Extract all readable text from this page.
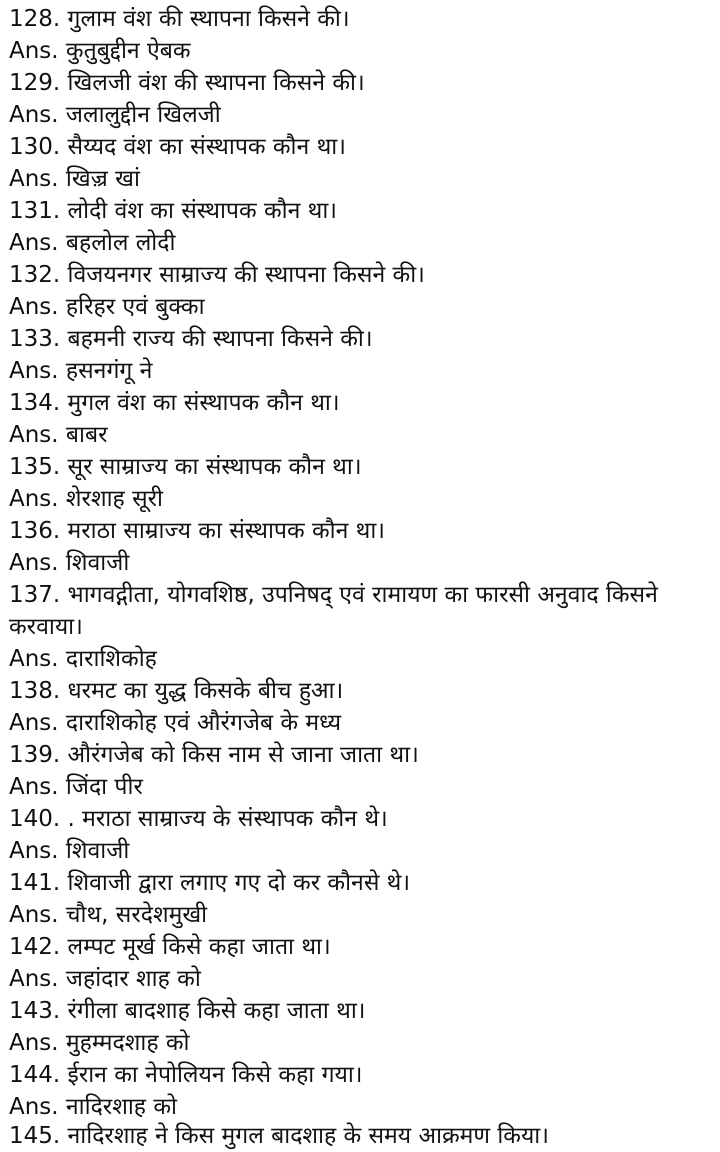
128. गुलाम वंश की स्थापना किसने की।
Ans. कुतुबुद्दीन ऐबक
129. खिलजी वंश की स्थापना किसने की।
Ans. जलालुद्दीन खिलजी
130. सैय्यद वंश का संस्थापक कौन था।
Ans. खिज़्र खां
131. लोदी वंश का संस्थापक कौन था।
Ans. बहलोल लोदी
132. विजयनगर साम्राज्य की स्थापना किसने की।
Ans. हरिहर एवं बुक्का
133. बहमनी राज्य की स्थापना किसने की।
Ans. हसनगंगू ने
134. मुगल वंश का संस्थापक कौन था।
Ans. बाबर
135. सूर साम्राज्य का संस्थापक कौन था।
Ans. शेरशाह सूरी
136. मराठा साम्राज्य का संस्थापक कौन था।
Ans. शिवाजी
137. भागवद्गीता, योगवशिष्ठ, उपनिषद् एवं रामायण का फारसी अनुवाद किसने करवाया।
Ans. दाराशिकोह
138. धरमट का युद्ध किसके बीच हुआ।
Ans. दाराशिकोह एवं औरंगजेब के मध्य
139. औरंगजेब को किस नाम से जाना जाता था।
Ans. जिंदा पीर
140. . मराठा साम्राज्य के संस्थापक कौन थे।
Ans. शिवाजी
141. शिवाजी द्वारा लगाए गए दो कर कौनसे थे।
Ans. चौथ, सरदेशमुखी
142. लम्पट मूर्ख किसे कहा जाता था।
Ans. जहांदार शाह को
143. रंगीला बादशाह किसे कहा जाता था।
Ans. मुहम्मदशाह को
144. ईरान का नेपोलियन किसे कहा गया।
Ans. नादिरशाह को
145. नादिरशाह ने किस मुगल बादशाह के समय आक्रमण किया।
